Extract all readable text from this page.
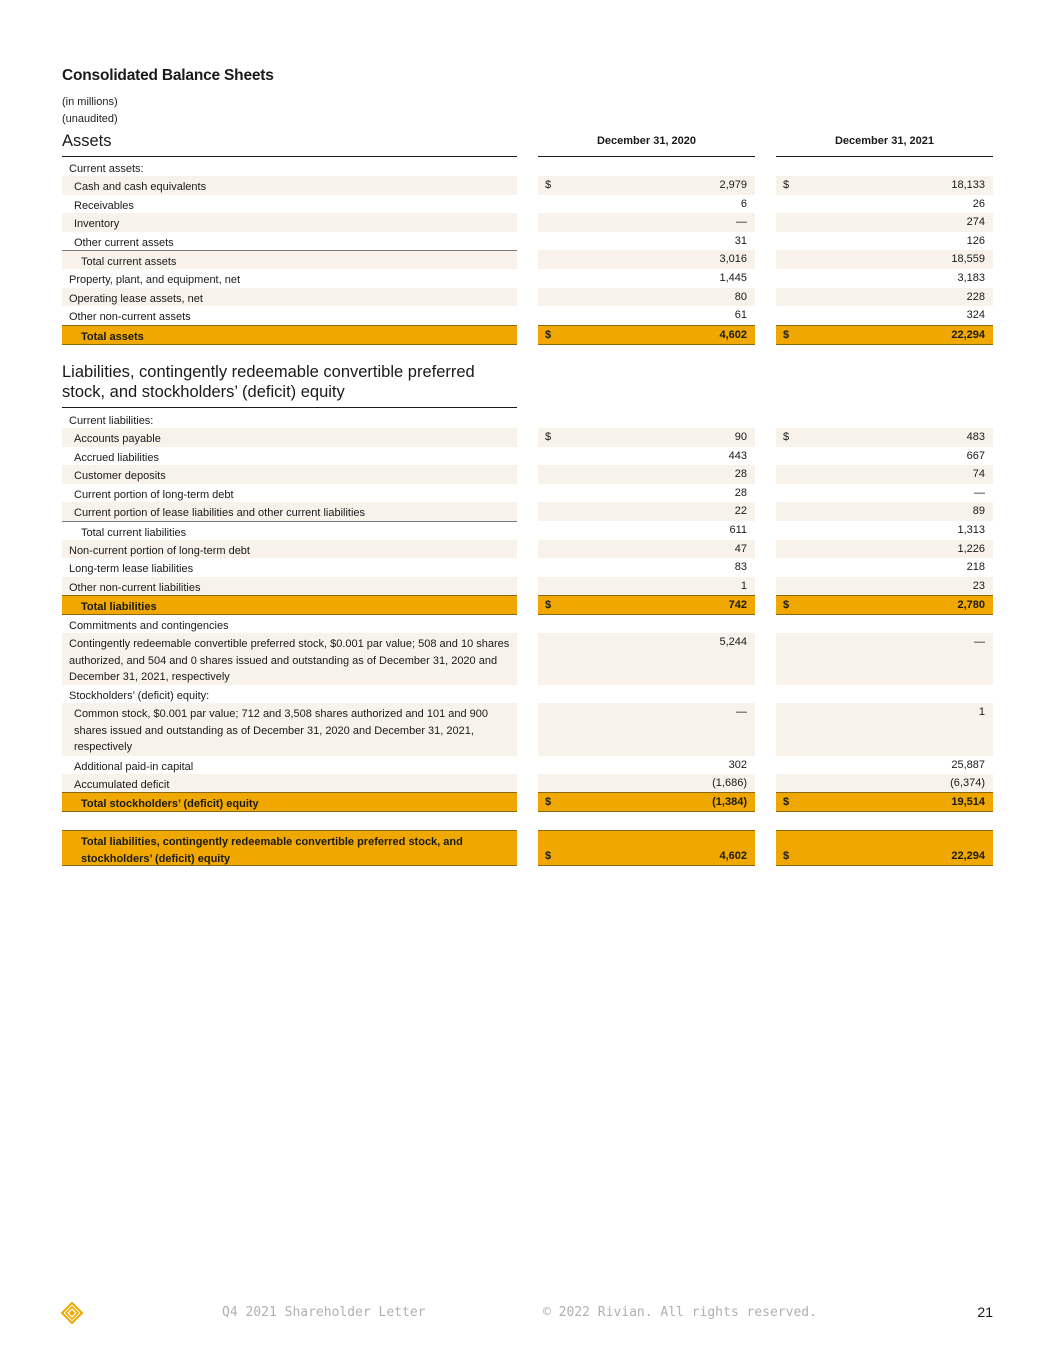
Consolidated Balance Sheets
(in millions)
(unaudited)
Assets	December 31, 2020	December 31, 2021
Liabilities, contingently redeemable convertible preferred stock, and stockholders’ (deficit) equity
Current assets:
Cash and cash equivalents	$	2,979	$	18,133
Receivables	6	26
Inventory	—	274
Other current assets	31	126
Total current assets	3,016	18,559
Property, plant, and equipment, net	1,445	3,183
Operating lease assets, net	80	228
Other non-current assets	61	324
Total assets	$	4,602	$	22,294
Current liabilities:
Accounts payable	$	90	$	483
Accrued liabilities	443	667
Customer deposits	28	74
Current portion of long-term debt	28	—
Current portion of lease liabilities and other current liabilities	22	89
Total current liabilities	611	1,313
Non-current portion of long-term debt	47	1,226
Long-term lease liabilities	83	218
Other non-current liabilities	1	23
Total liabilities	$	742	$	2,780
Commitments and contingencies
Contingently redeemable convertible preferred stock, $0.001 par value; 508 and 10 shares authorized, and 504 and 0 shares issued and outstanding as of December 31, 2020 and December 31, 2021, respectively
5,244	—
Stockholders’ (deficit) equity:
Common stock, $0.001 par value; 712 and 3,508 shares authorized and 101 and 900 shares issued and outstanding as of December 31, 2020 and December 31, 2021, respectively
—	1
Additional paid-in capital	302	25,887
Accumulated deficit	(1,686)	(6,374)
Total stockholders’ (deficit) equity	$	(1,384)	$	19,514
Total liabilities, contingently redeemable convertible preferred stock, and stockholders’ (deficit) equity	$	4,602	$	22,294
Q4 2021 Shareholder Letter	© 2022 Rivian. All rights reserved.	21
